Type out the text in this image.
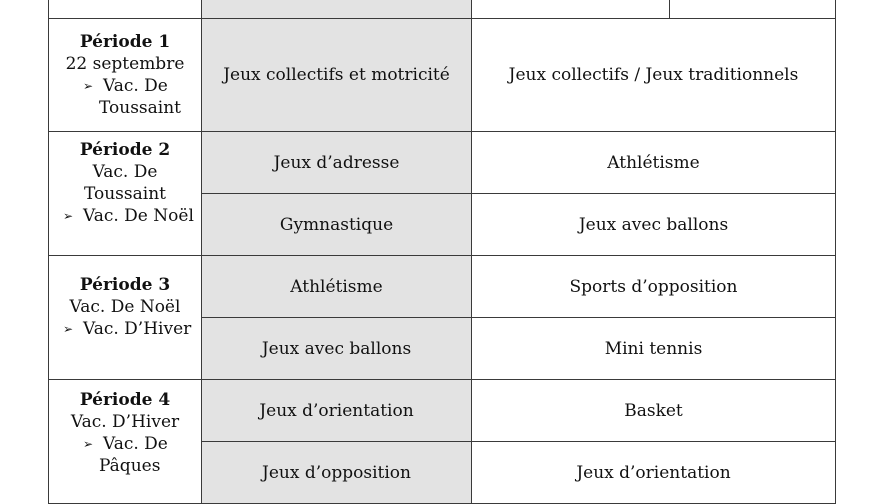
Période 1
22 septembre
➢ Vac. De
Toussaint	Jeux collectifs et motricité	Jeux collectifs / Jeux traditionnels

Période 2
Vac. De
Toussaint
➢ Vac. De Noël	Jeux d’adresse	Athlétisme
	Gymnastique	Jeux avec ballons

Période 3
Vac. De Noël
➢ Vac. D’Hiver	Athlétisme	Sports d’opposition
	Jeux avec ballons	Mini tennis

Période 4
Vac. D’Hiver
➢ Vac. De
Pâques	Jeux d’orientation	Basket
	Jeux d’opposition	Jeux d’orientation
